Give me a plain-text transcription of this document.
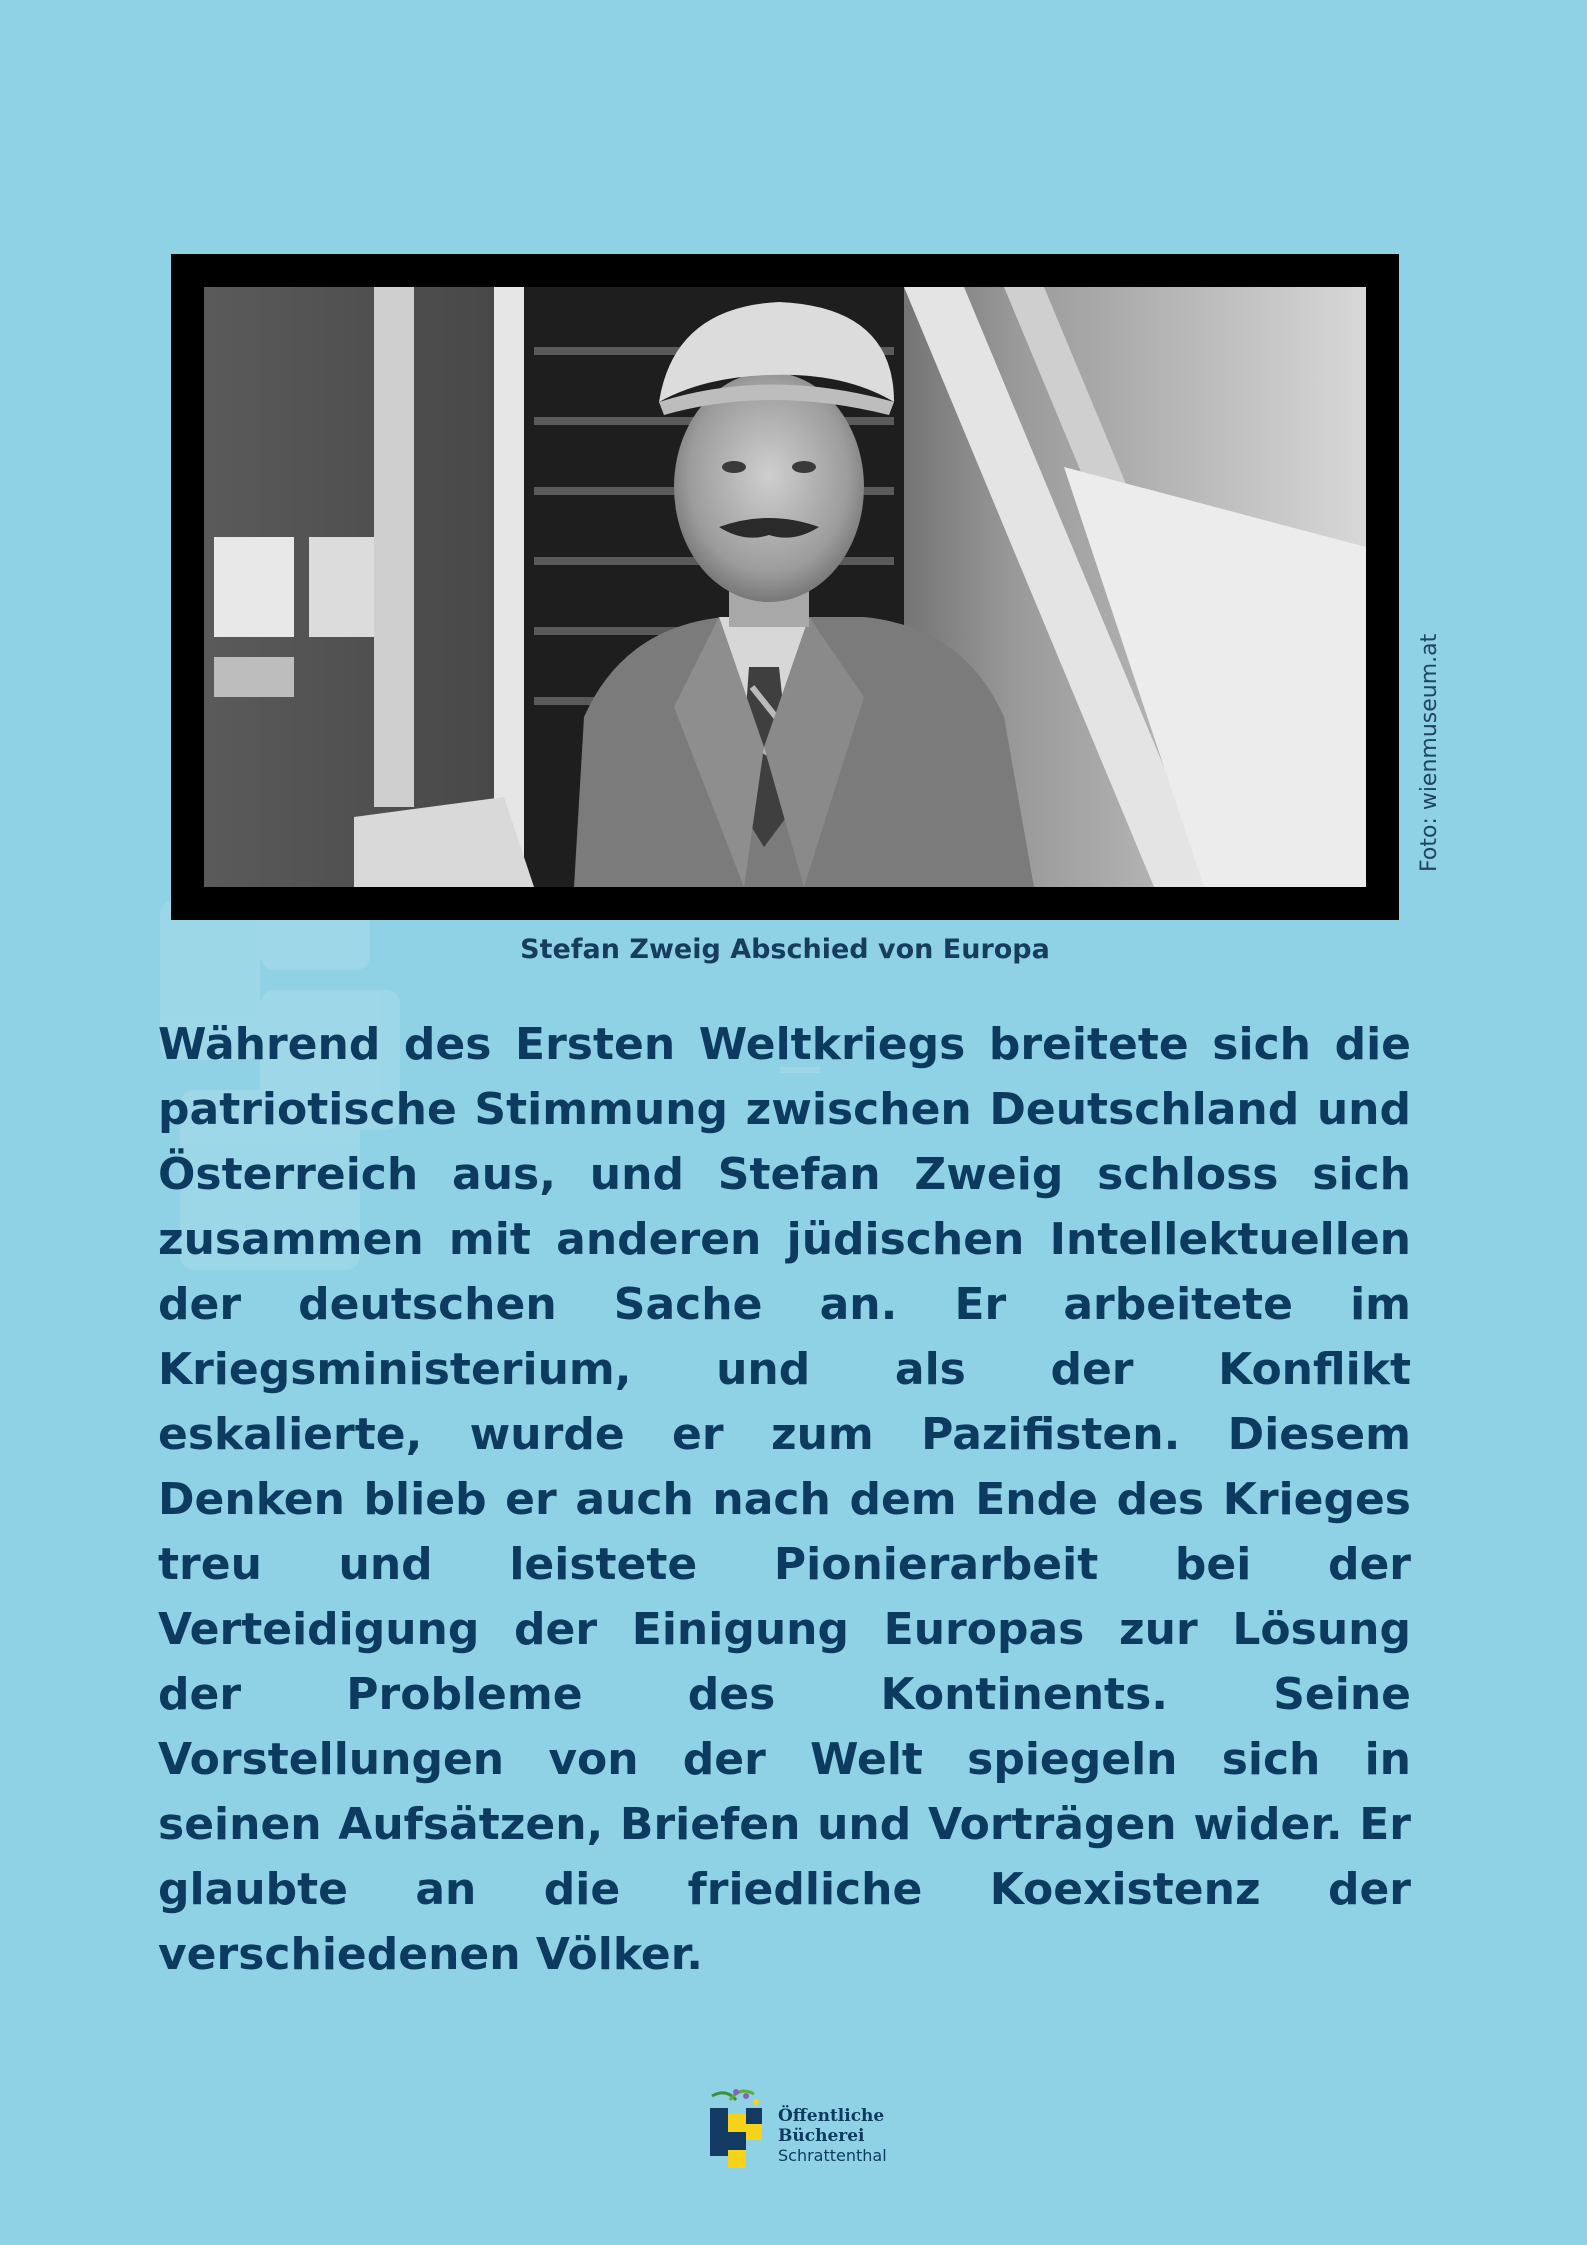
Foto: wienmuseum.at
Stefan Zweig Abschied von Europa

Während des Ersten Weltkriegs breitete sich die patriotische Stimmung zwischen Deutschland und Österreich aus, und Stefan Zweig schloss sich zusammen mit anderen jüdischen Intellektuellen der deutschen Sache an. Er arbeitete im Kriegsministerium, und als der Konflikt eskalierte, wurde er zum Pazifisten. Diesem Denken blieb er auch nach dem Ende des Krieges treu und leistete Pionierarbeit bei der Verteidigung der Einigung Europas zur Lösung der Probleme des Kontinents. Seine Vorstellungen von der Welt spiegeln sich in seinen Aufsätzen, Briefen und Vorträgen wider. Er glaubte an die friedliche Koexistenz der verschiedenen Völker.

Öffentliche
Bücherei
Schrattenthal
